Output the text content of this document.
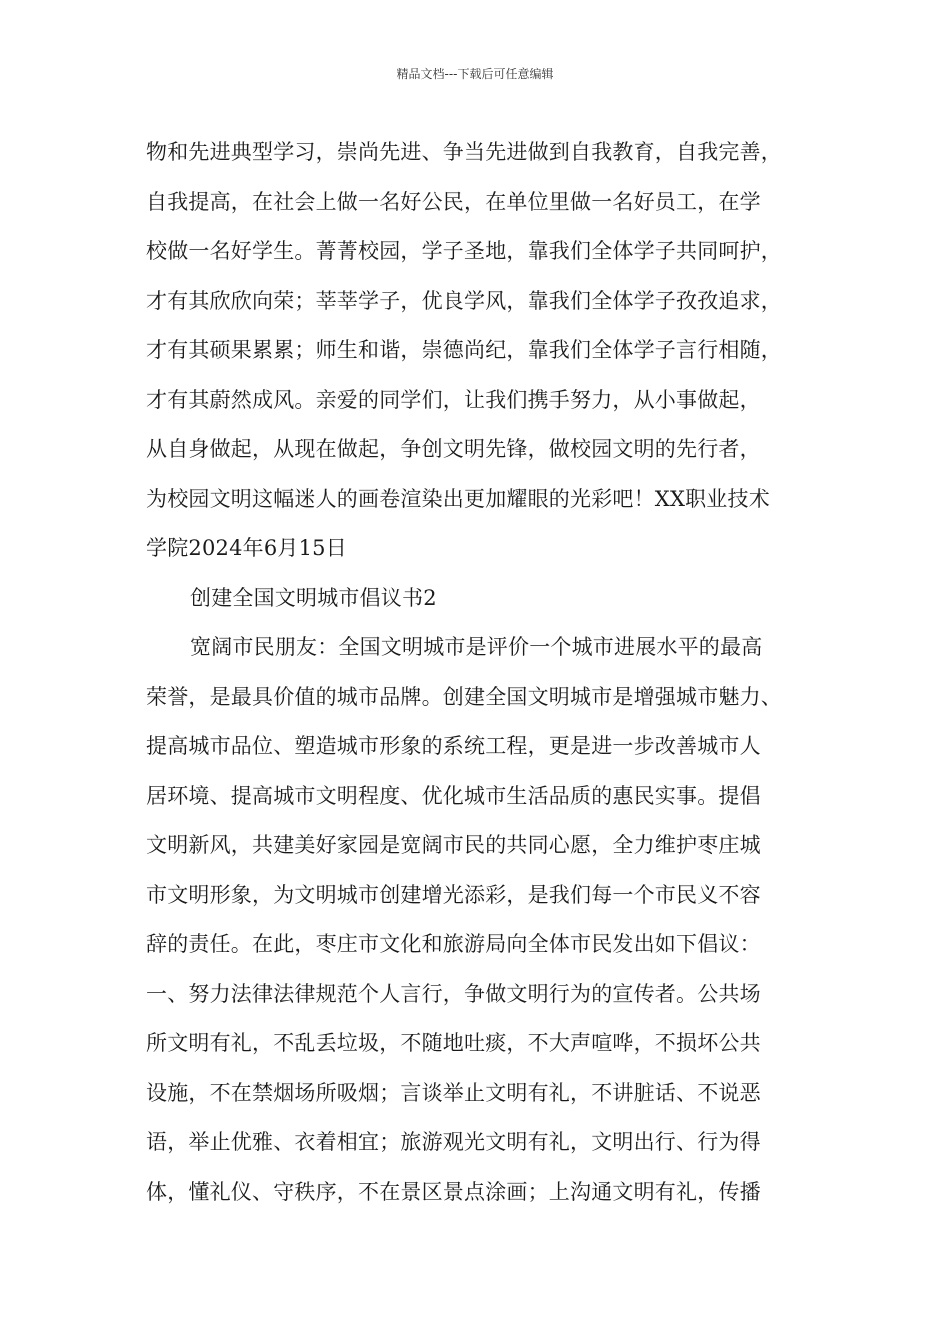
精品文档---下载后可任意编辑
物和先进典型学习，崇尚先进、争当先进做到自我教育，自我完善，
自我提高，在社会上做一名好公民，在单位里做一名好员工，在学
校做一名好学生。菁菁校园，学子圣地，靠我们全体学子共同呵护，
才有其欣欣向荣；莘莘学子，优良学风，靠我们全体学子孜孜追求，
才有其硕果累累；师生和谐，崇德尚纪，靠我们全体学子言行相随，
才有其蔚然成风。亲爱的同学们，让我们携手努力，从小事做起，
从自身做起，从现在做起，争创文明先锋，做校园文明的先行者，
为校园文明这幅迷人的画卷渲染出更加耀眼的光彩吧！XX职业技术
学院2024年6月15日
创建全国文明城市倡议书2
宽阔市民朋友：全国文明城市是评价一个城市进展水平的最高
荣誉，是最具价值的城市品牌。创建全国文明城市是增强城市魅力、
提高城市品位、塑造城市形象的系统工程，更是进一步改善城市人
居环境、提高城市文明程度、优化城市生活品质的惠民实事。提倡
文明新风，共建美好家园是宽阔市民的共同心愿，全力维护枣庄城
市文明形象，为文明城市创建增光添彩，是我们每一个市民义不容
辞的责任。在此，枣庄市文化和旅游局向全体市民发出如下倡议：
一、努力法律法律规范个人言行，争做文明行为的宣传者。公共场
所文明有礼，不乱丢垃圾，不随地吐痰，不大声喧哗，不损坏公共
设施，不在禁烟场所吸烟；言谈举止文明有礼，不讲脏话、不说恶
语，举止优雅、衣着相宜；旅游观光文明有礼，文明出行、行为得
体，懂礼仪、守秩序，不在景区景点涂画；上沟通文明有礼，传播
